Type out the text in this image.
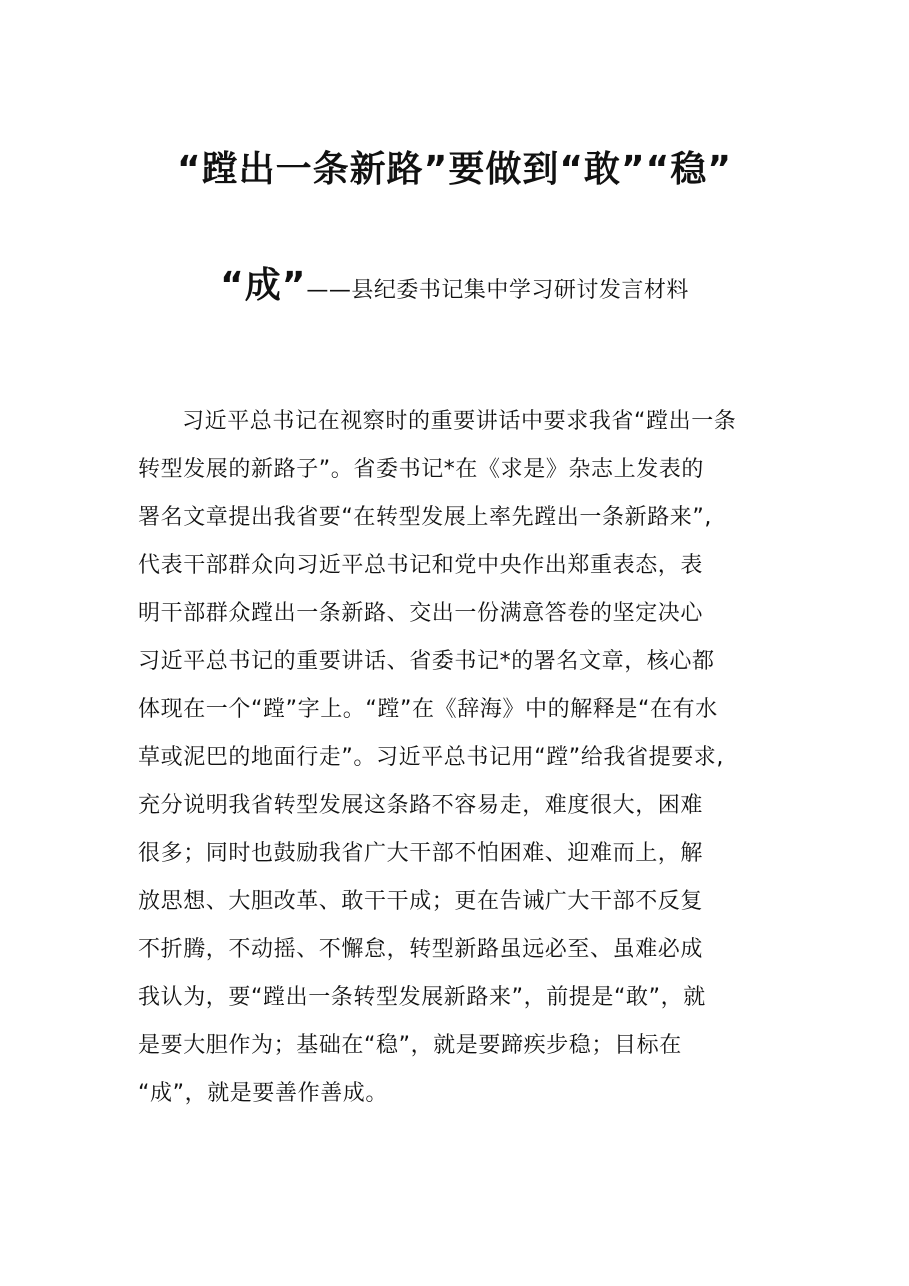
“蹚出一条新路”要做到“敢”“稳”
“成”——县纪委书记集中学习研讨发言材料
习近平总书记在视察时的重要讲话中要求我省“蹚出一条
转型发展的新路子”。省委书记*在《求是》杂志上发表的
署名文章提出我省要“在转型发展上率先蹚出一条新路来”,
代表干部群众向习近平总书记和党中央作出郑重表态，表
明干部群众蹚出一条新路、交出一份满意答卷的坚定决心
习近平总书记的重要讲话、省委书记*的署名文章，核心都
体现在一个“蹚”字上。“蹚”在《辞海》中的解释是“在有水
草或泥巴的地面行走”。习近平总书记用“蹚”给我省提要求,
充分说明我省转型发展这条路不容易走，难度很大，困难
很多；同时也鼓励我省广大干部不怕困难、迎难而上，解
放思想、大胆改革、敢干干成；更在告诫广大干部不反复
不折腾，不动摇、不懈怠，转型新路虽远必至、虽难必成
我认为，要“蹚出一条转型发展新路来”，前提是“敢”，就
是要大胆作为；基础在“稳”，就是要蹄疾步稳；目标在
“成”，就是要善作善成。
